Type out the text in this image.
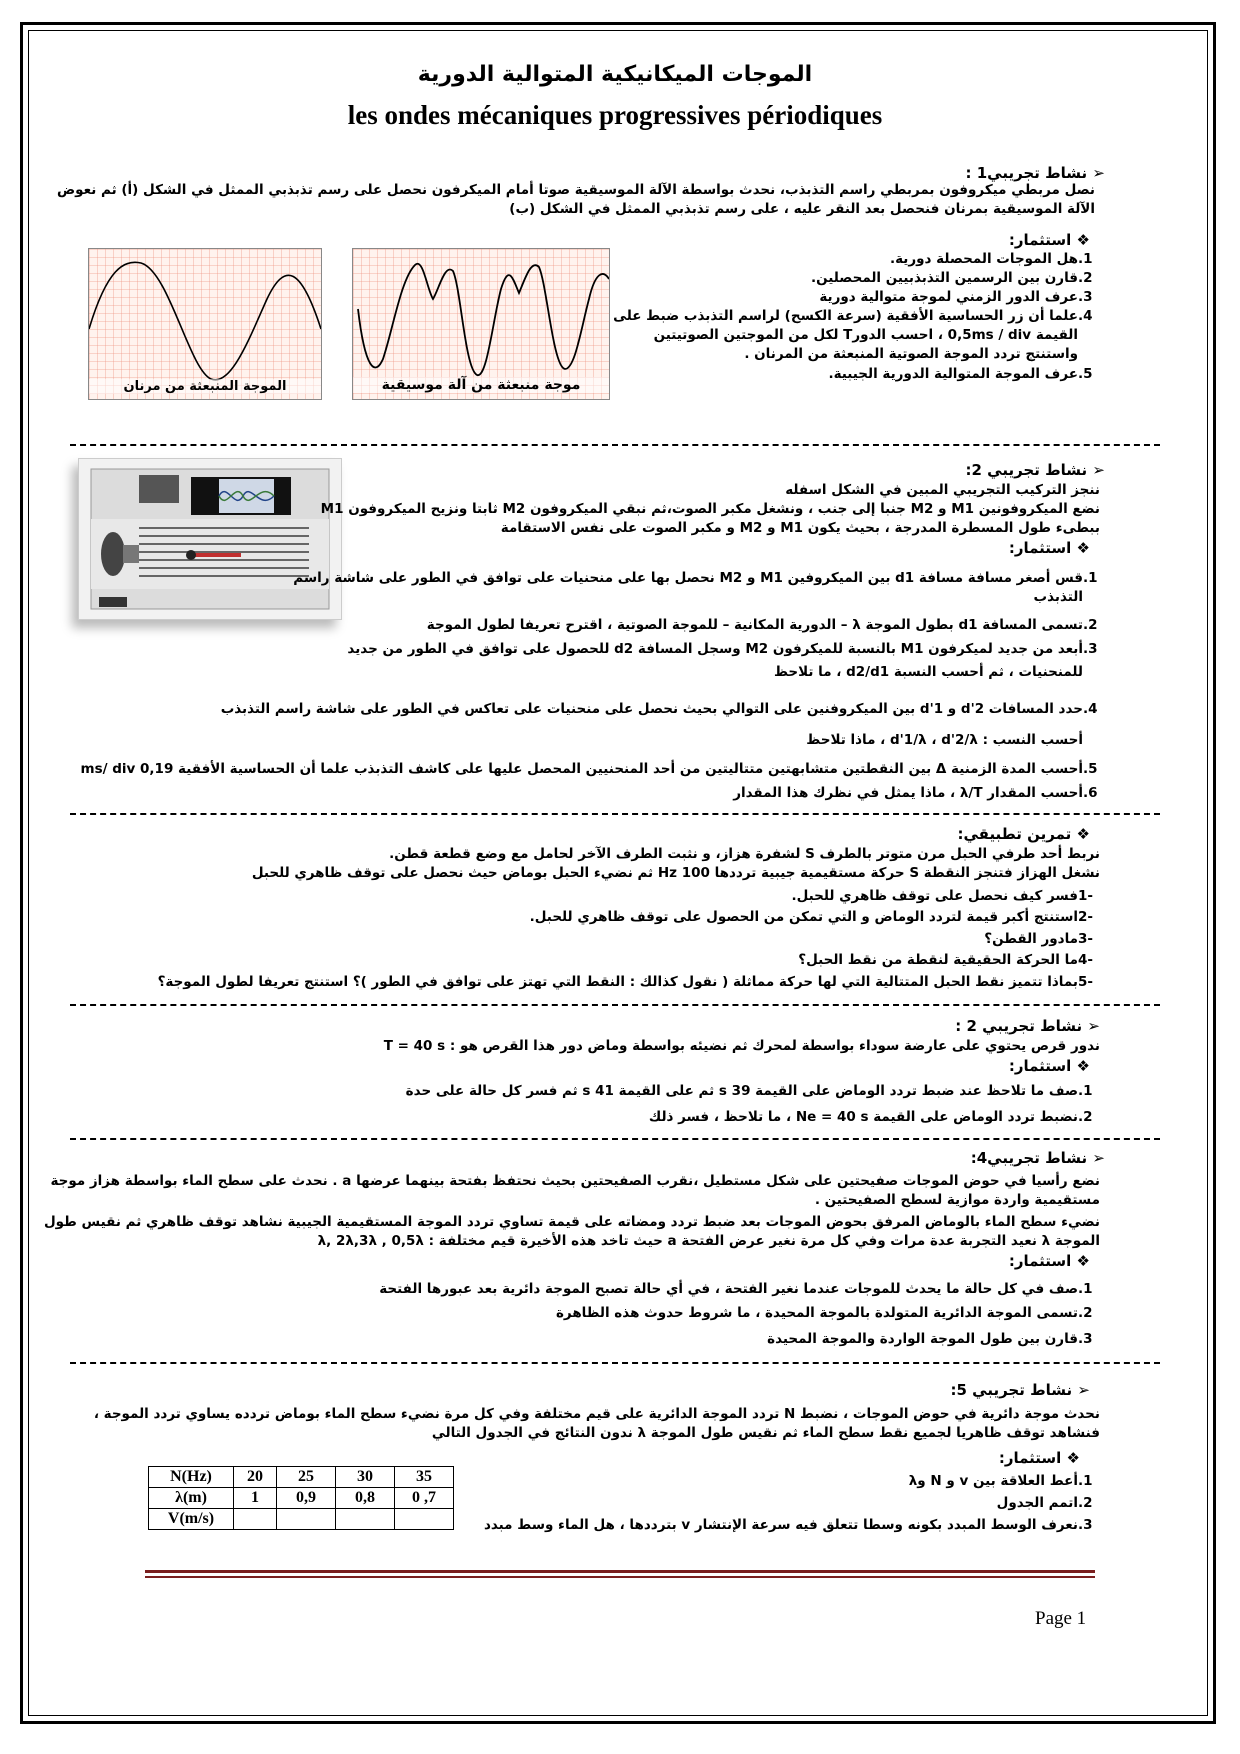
الموجات الميكانيكية المتوالية الدورية
les ondes mécaniques progressives périodiques
➢ نشاط تجريبي1 :
نصل مربطي ميكروفون بمربطي راسم التذبذب، نحدث بواسطة الآلة الموسيقية صوتا أمام الميكرفون نحصل على رسم تذبذبي الممثل في الشكل (أ) ثم نعوض
الآلة الموسيقية بمرنان فنحصل بعد النقر عليه ، على رسم تذبذبي الممثل في الشكل (ب)
❖ استثمار:
1.هل الموجات المحصلة دورية.
2.قارن بين الرسمين التذبذبيين المحصلين.
3.عرف الدور الزمني لموجة متوالية دورية
4.علما أن زر الحساسية الأفقية (سرعة الكسح) لراسم التذبذب ضبط على
القيمة 0,5ms / div ، احسب الدورT لكل من الموجتين الصوتيتين
واستنتج تردد الموجة الصوتية المنبعثة من المرنان .
5.عرف الموجة المتوالية الدورية الجيبية.
الموجة المنبعثة من مرنان	موجة منبعثة من آلة موسيقية
➢ نشاط تجريبي 2:
ننجز التركيب التجريبي المبين في الشكل اسفله
نضع الميكروفونين M1 و M2 جنبا إلى جنب ، ونشغل مكبر الصوت،ثم نبقي الميكروفون M2 ثابتا ونزيح الميكروفون M1
ببطىء طول المسطرة المدرجة ، بحيث يكون M1 و M2 و مكبر الصوت على نفس الاستقامة
❖ استثمار:
1.قس أصغر مسافة مسافة d1 بين الميكروفين M1 و M2 نحصل بها على منحنيات على توافق في الطور على شاشة راسم
التذبذب
2.تسمى المسافة d1 بطول الموجة λ – الدورية المكانية – للموجة الصوتية ، اقترح تعريفا لطول الموجة
3.أبعد من جديد لميكرفون M1 بالنسبة للميكرفون M2 وسجل المسافة d2 للحصول على توافق في الطور من جديد
للمنحنيات ، ثم أحسب النسبة d2/d1 ، ما تلاحظ
4.حدد المسافات d'2 و d'1 بين الميكروفنين على التوالي بحيث نحصل على منحنيات على تعاكس في الطور على شاشة راسم التذبذب
أحسب النسب : d'1/λ ، d'2/λ ، ماذا تلاحظ
5.أحسب المدة الزمنية Δ بين النقطتين متشابهتين متتاليتين من أحد المنحنيين المحصل عليها على كاشف التذبذب علما أن الحساسية الأفقية 0,19 ms/ div
6.أحسب المقدار λ/T ، ماذا يمثل في نظرك هذا المقدار
❖ تمرين تطبيقي:
نربط أحد طرفي الحبل مرن متوتر بالطرف S لشفرة هزاز، و نثبت الطرف الآخر لحامل مع وضع قطعة قطن.
نشغل الهزاز فتنجز النقطة S حركة مستقيمية جيبية ترددها 100 Hz ثم نضيء الحبل بوماض حيث نحصل على توقف ظاهري للحبل
-1فسر كيف نحصل على توقف ظاهري للحبل.
-2استنتج أكبر قيمة لتردد الوماض و التي تمكن من الحصول على توقف ظاهري للحبل.
-3مادور القطن؟
-4ما الحركة الحقيقية لنقطة من نقط الحبل؟
-5بماذا تتميز نقط الحبل المتتالية التي لها حركة مماثلة ( نقول كذالك : النقط التي تهتز على توافق في الطور )؟ استنتج تعريفا لطول الموجة؟
➢ نشاط تجريبي 2 :
ندور قرص يحتوي على عارضة سوداء بواسطة لمحرك ثم نضيئه بواسطة وماض دور هذا القرص هو : T = 40 s
❖ استثمار:
1.صف ما تلاحظ عند ضبط تردد الوماض على القيمة 39 s ثم على القيمة 41 s ثم فسر كل حالة على حدة
2.نضبط تردد الوماض على القيمة Ne = 40 s ، ما تلاحظ ، فسر ذلك
➢ نشاط تجريبي4:
نضع رأسيا في حوض الموجات صفيحتين على شكل مستطيل ،نقرب الصفيحتين بحيث نحتفظ بفتحة بينهما عرضها a . نحدث على سطح الماء بواسطة هزاز موجة
مستقيمية واردة موازية لسطح الصفيحتين .
نضيء سطح الماء بالوماض المرفق بحوض الموجات بعد ضبط تردد ومضاته على قيمة تساوي تردد الموجة المستقيمية الجيبية نشاهد توقف ظاهري ثم نقيس طول
الموجة λ نعيد التجربة عدة مرات وفي كل مرة نغير عرض الفتحة a حيث تاخد هذه الأخيرة قيم مختلفة : λ, 2λ,3λ , 0,5λ
❖ استثمار:
1.صف في كل حالة ما يحدث للموجات عندما نغير الفتحة ، في أي حالة تصبح الموجة دائرية بعد عبورها الفتحة
2.تسمى الموجة الدائرية المتولدة بالموجة المحيدة ، ما شروط حدوث هذه الظاهرة
3.قارن بين طول الموجة الواردة والموجة المحيدة
➢ نشاط تجريبي 5:
نحدث موجة دائرية في حوض الموجات ، نضبط N تردد الموجة الدائرية على قيم مختلفة وفي كل مرة نضيء سطح الماء بوماض تردده يساوي تردد الموجة ،
فنشاهد توقف ظاهريا لجميع نقط سطح الماء ثم نقيس طول الموجة λ ندون النتائج في الجدول التالي
❖ استثمار:
1.أعط العلاقة بين v و N وλ
2.اتمم الجدول
3.نعرف الوسط المبدد بكونه وسطا تتعلق فيه سرعة الإنتشار v بترددها ، هل الماء وسط مبدد
N(Hz)	20	25	30	35
λ(m)	1	0,9	0,8	0 ,7
V(m/s)				
Page 1
